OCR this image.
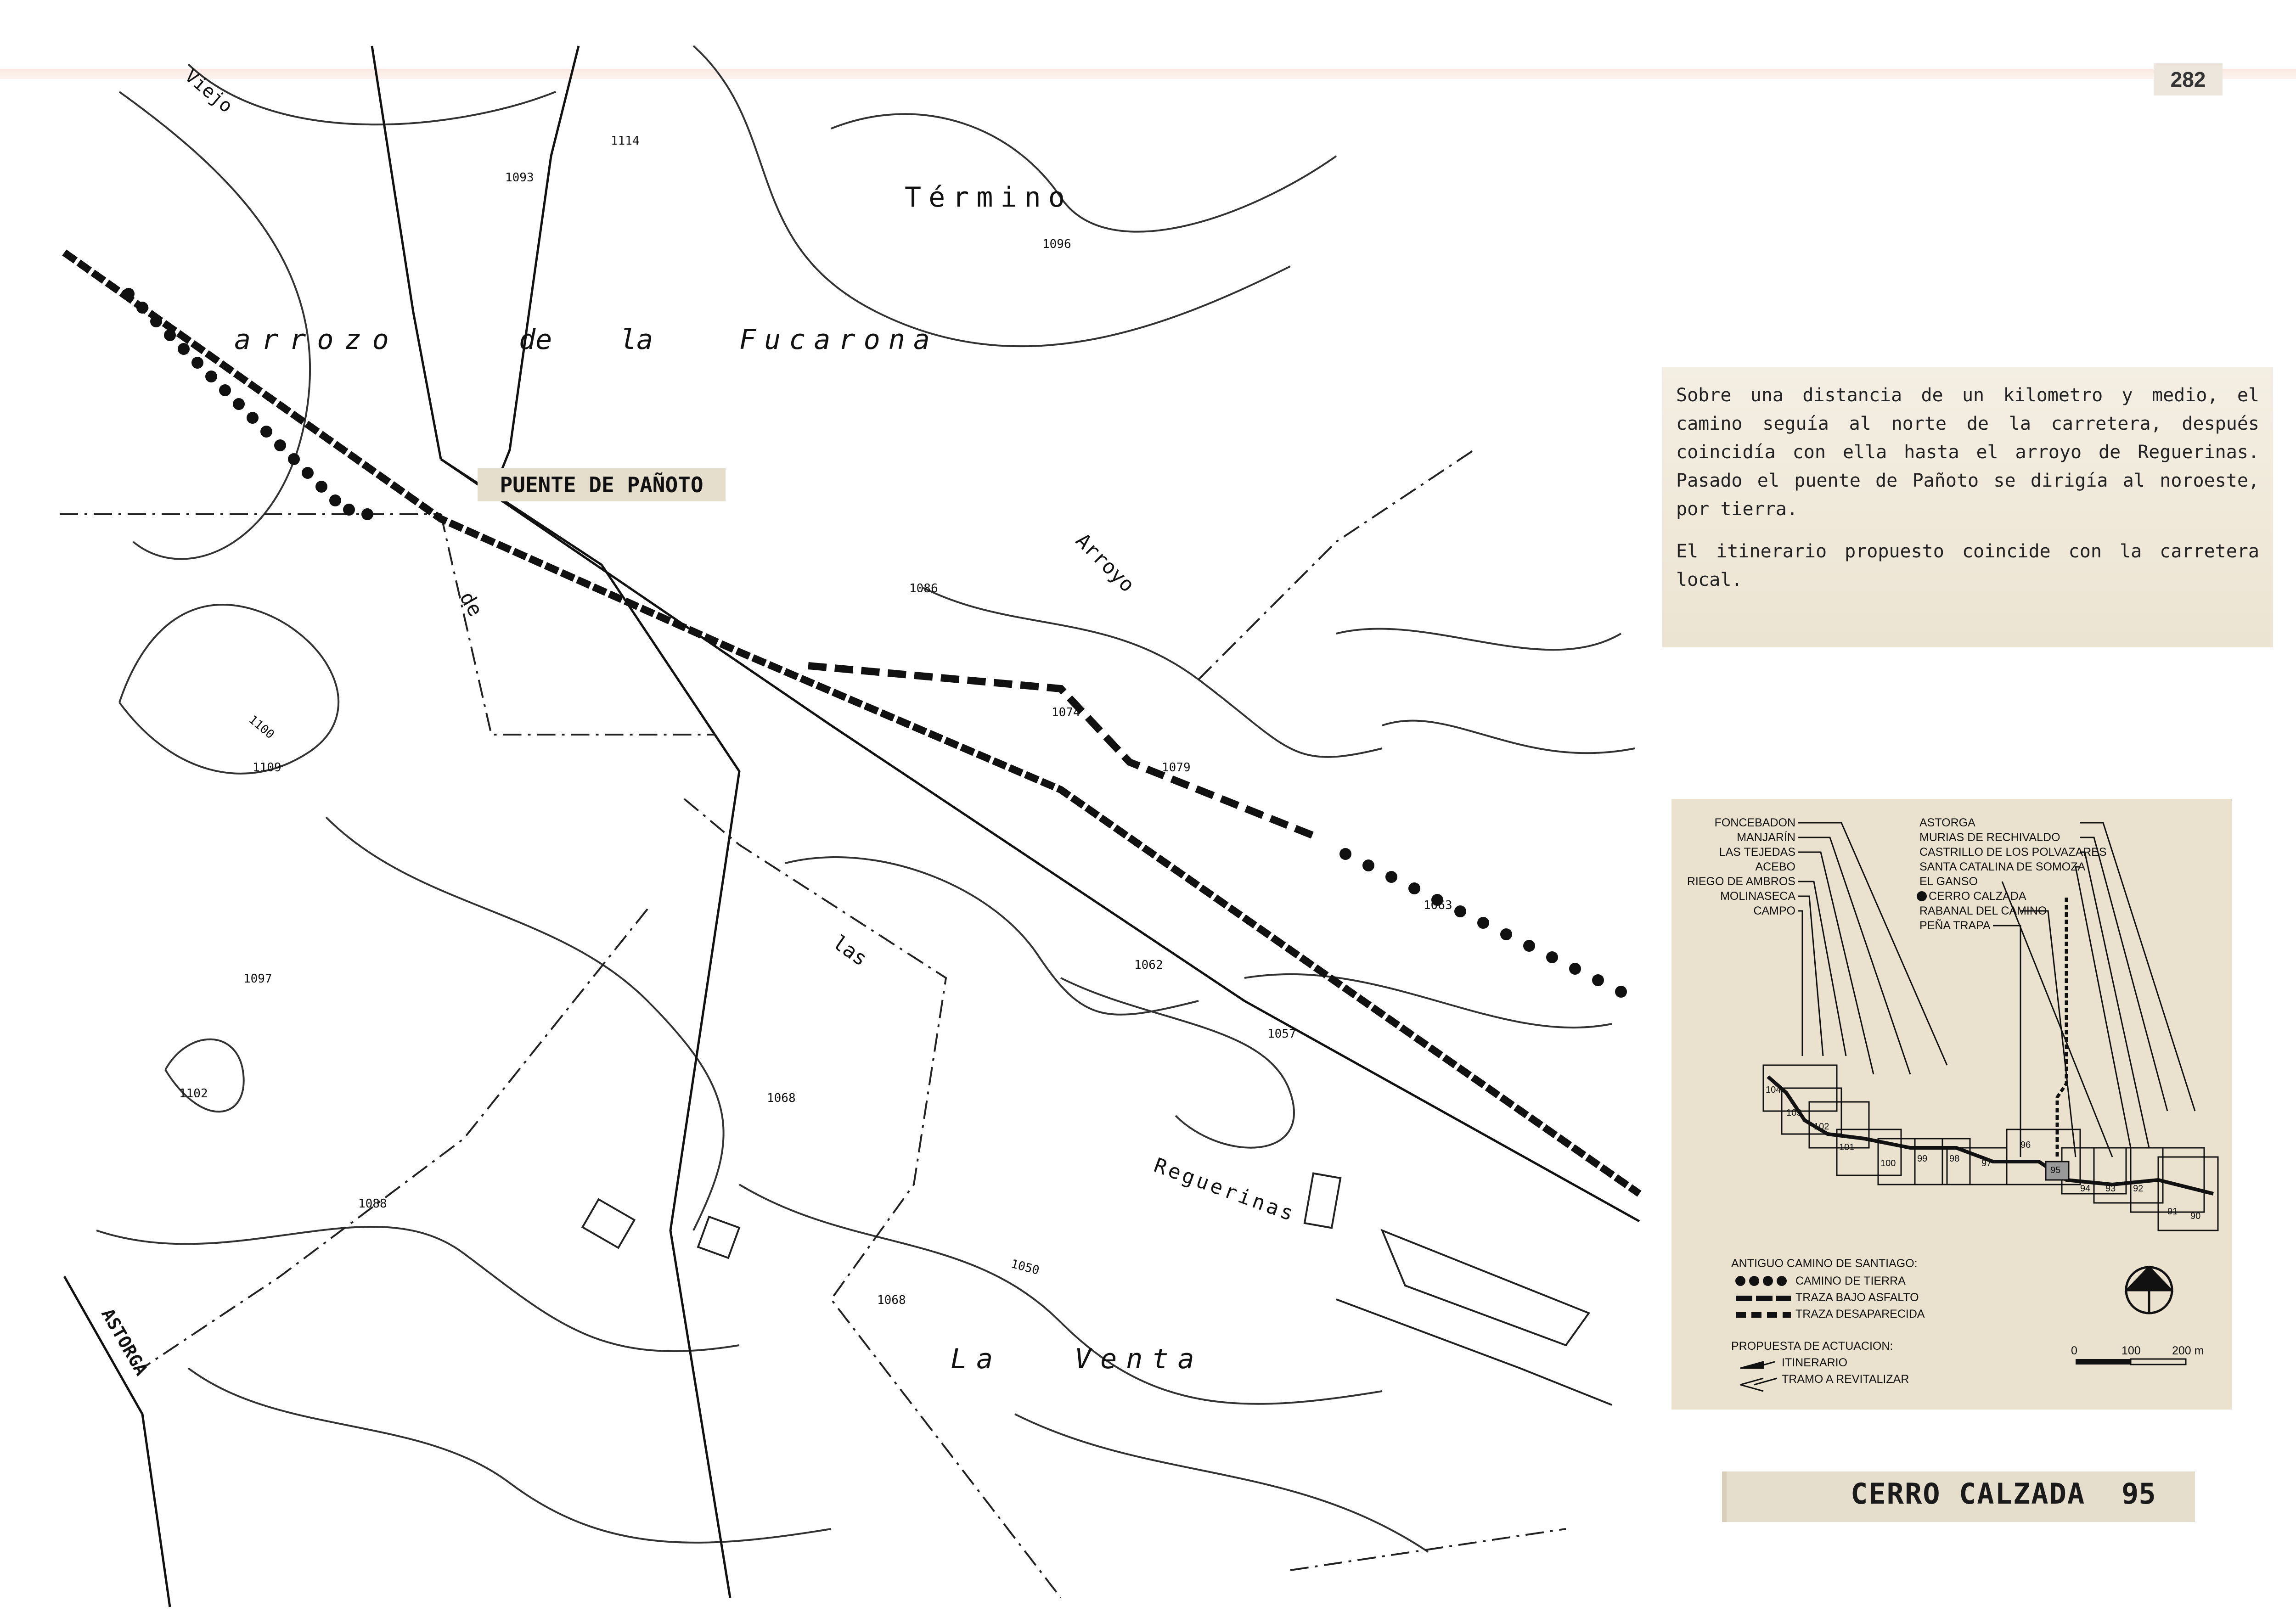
282
Viejo
Término
arrozo	de la	Fucarona
Arroyo
de
las
Reguerinas
La	Venta
ASTORGA
1114
1093
1096
1086
1100
1109
1074
1079
1063
1062
1097
1057
1102	1068
1088
1050
1068
PUENTE DE PAÑOTO

Sobre una distancia de un kilometro y medio, el camino seguía al norte de la carretera, después coincidía con ella hasta el arroyo de Reguerinas. Pasado el puente de Pañoto se dirigía al noroeste, por tierra.

El itinerario propuesto coincide con la carretera local.

FONCEBADON
MANJARÍN
LAS TEJEDAS
ACEBO
RIEGO DE AMBROS
MOLINASECA
CAMPO
ASTORGA
MURIAS DE RECHIVALDO
CASTRILLO DE LOS POLVAZARES
SANTA CATALINA DE SOMOZA
EL GANSO
CERRO CALZADA
RABANAL DEL CAMINO
PEÑA TRAPA
104
103
102
101
100 99 98 97
96
95
94 93 92
91 90
ANTIGUO CAMINO DE SANTIAGO:
CAMINO DE TIERRA
TRAZA BAJO ASFALTO
TRAZA DESAPARECIDA
PROPUESTA DE ACTUACION:
ITINERARIO
TRAMO A REVITALIZAR
0	100	200 m
CERRO CALZADA 95
